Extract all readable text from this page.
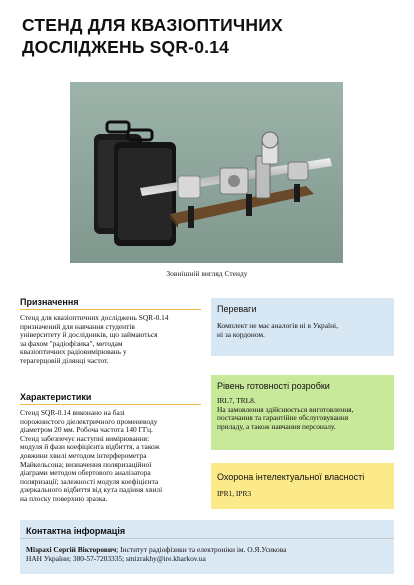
СТЕНД ДЛЯ КВАЗІОПТИЧНИХ
ДОСЛІДЖЕНЬ SQR-0.14
Зовнішній вигляд Стенду
Призначення
Стенд для квазіоптичних досліджень SQR-0.14
призначений для навчання студентів
університету й дослідників, що займаються
за фахом "радіофізика", методам
квазіоптичних радіовимірювань у
терагерцовій ділянці частот.
Характеристики
Стенд SQR-0.14 виконано на базі
порожнистого діелектричного променеводу
діаметром 20 мм. Робоча частота 140 ГГц.
Стенд забезпечує наступні вимірювання:
модуля й фази коефіцієнта відбиття, а також
довжини хвилі методом інтерферометра
Майкельсона; визначення поляризаційної
діаграми методом обертового аналізатора
поляризації; залежності модуля коефіцієнта
дзеркального відбиття від кута падіння хвилі
на плоску поверхню зразка.
Переваги
Комплект не має аналогів ні в Україні,
ні за кордоном.
Рівень готовності розробки
IRL7, TRL8.
На замовлення здійснюється виготовлення,
постачання та гарантійне обслуговування
приладу, а також навчання персоналу.
Охорона інтелектуальної власності
IPR1, IPR3
Контактна інформація
Мізрахі Сергій Вікторович; Інститут радіофізики та електроніки ім. О.Я.Усикова
НАН України; 380-57-7203335; smizrakhy@ire.kharkov.ua
